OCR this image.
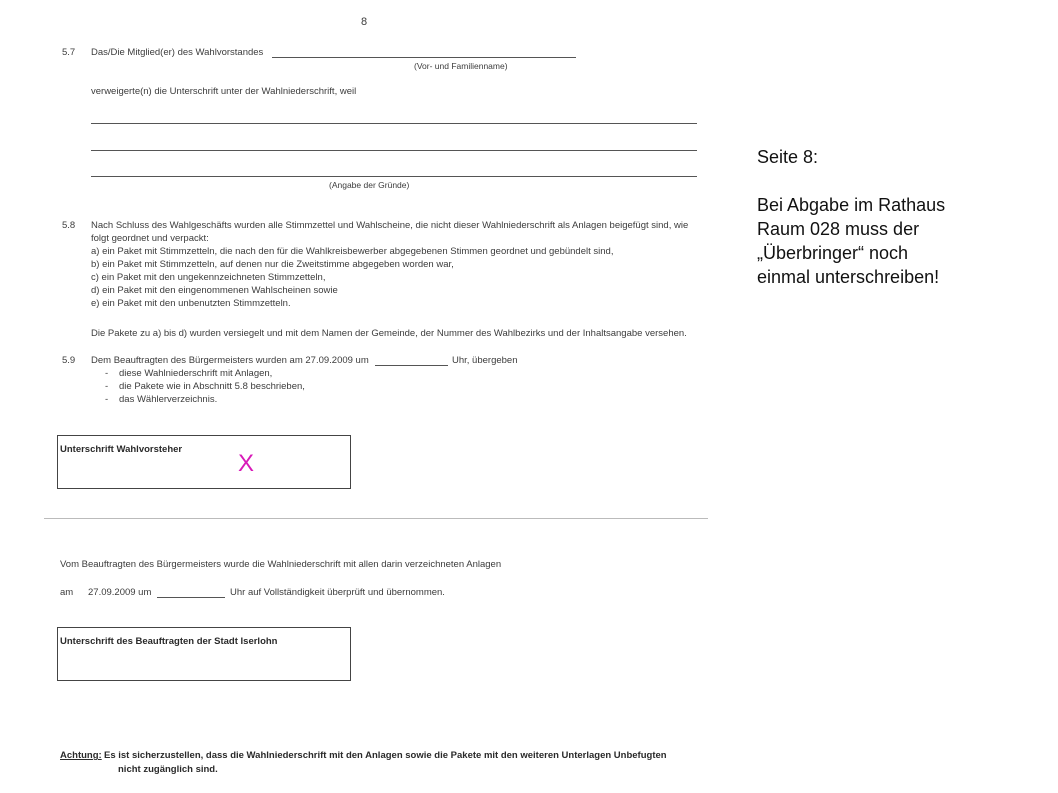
8
5.7 Das/Die Mitglied(er) des Wahlvorstandes
(Vor- und Familienname)
verweigerte(n) die Unterschrift unter der Wahlniederschrift, weil
(Angabe der Gründe)
5.8 Nach Schluss des Wahlgeschäfts wurden alle Stimmzettel und Wahlscheine, die nicht dieser Wahlniederschrift als Anlagen beigefügt sind, wie
folgt geordnet und verpackt:
a) ein Paket mit Stimmzetteln, die nach den für die Wahlkreisbewerber abgegebenen Stimmen geordnet und gebündelt sind,
b) ein Paket mit Stimmzetteln, auf denen nur die Zweitstimme abgegeben worden war,
c) ein Paket mit den ungekennzeichneten Stimmzetteln,
d) ein Paket mit den eingenommenen Wahlscheinen sowie
e) ein Paket mit den unbenutzten Stimmzetteln.
Die Pakete zu a) bis d) wurden versiegelt und mit dem Namen der Gemeinde, der Nummer des Wahlbezirks und der Inhaltsangabe versehen.
5.9 Dem Beauftragten des Bürgermeisters wurden am 27.09.2009 um	Uhr, übergeben
- diese Wahlniederschrift mit Anlagen,
- die Pakete wie in Abschnitt 5.8 beschrieben,
- das Wählerverzeichnis.
Unterschrift Wahlvorsteher
X
Vom Beauftragten des Bürgermeisters wurde die Wahlniederschrift mit allen darin verzeichneten Anlagen
am 27.09.2009 um	Uhr auf Vollständigkeit überprüft und übernommen.
Unterschrift des Beauftragten der Stadt Iserlohn
Achtung: Es ist sicherzustellen, dass die Wahlniederschrift mit den Anlagen sowie die Pakete mit den weiteren Unterlagen Unbefugten
nicht zugänglich sind.
Seite 8:
Bei Abgabe im Rathaus
Raum 028 muss der
„Überbringer“ noch
einmal unterschreiben!
